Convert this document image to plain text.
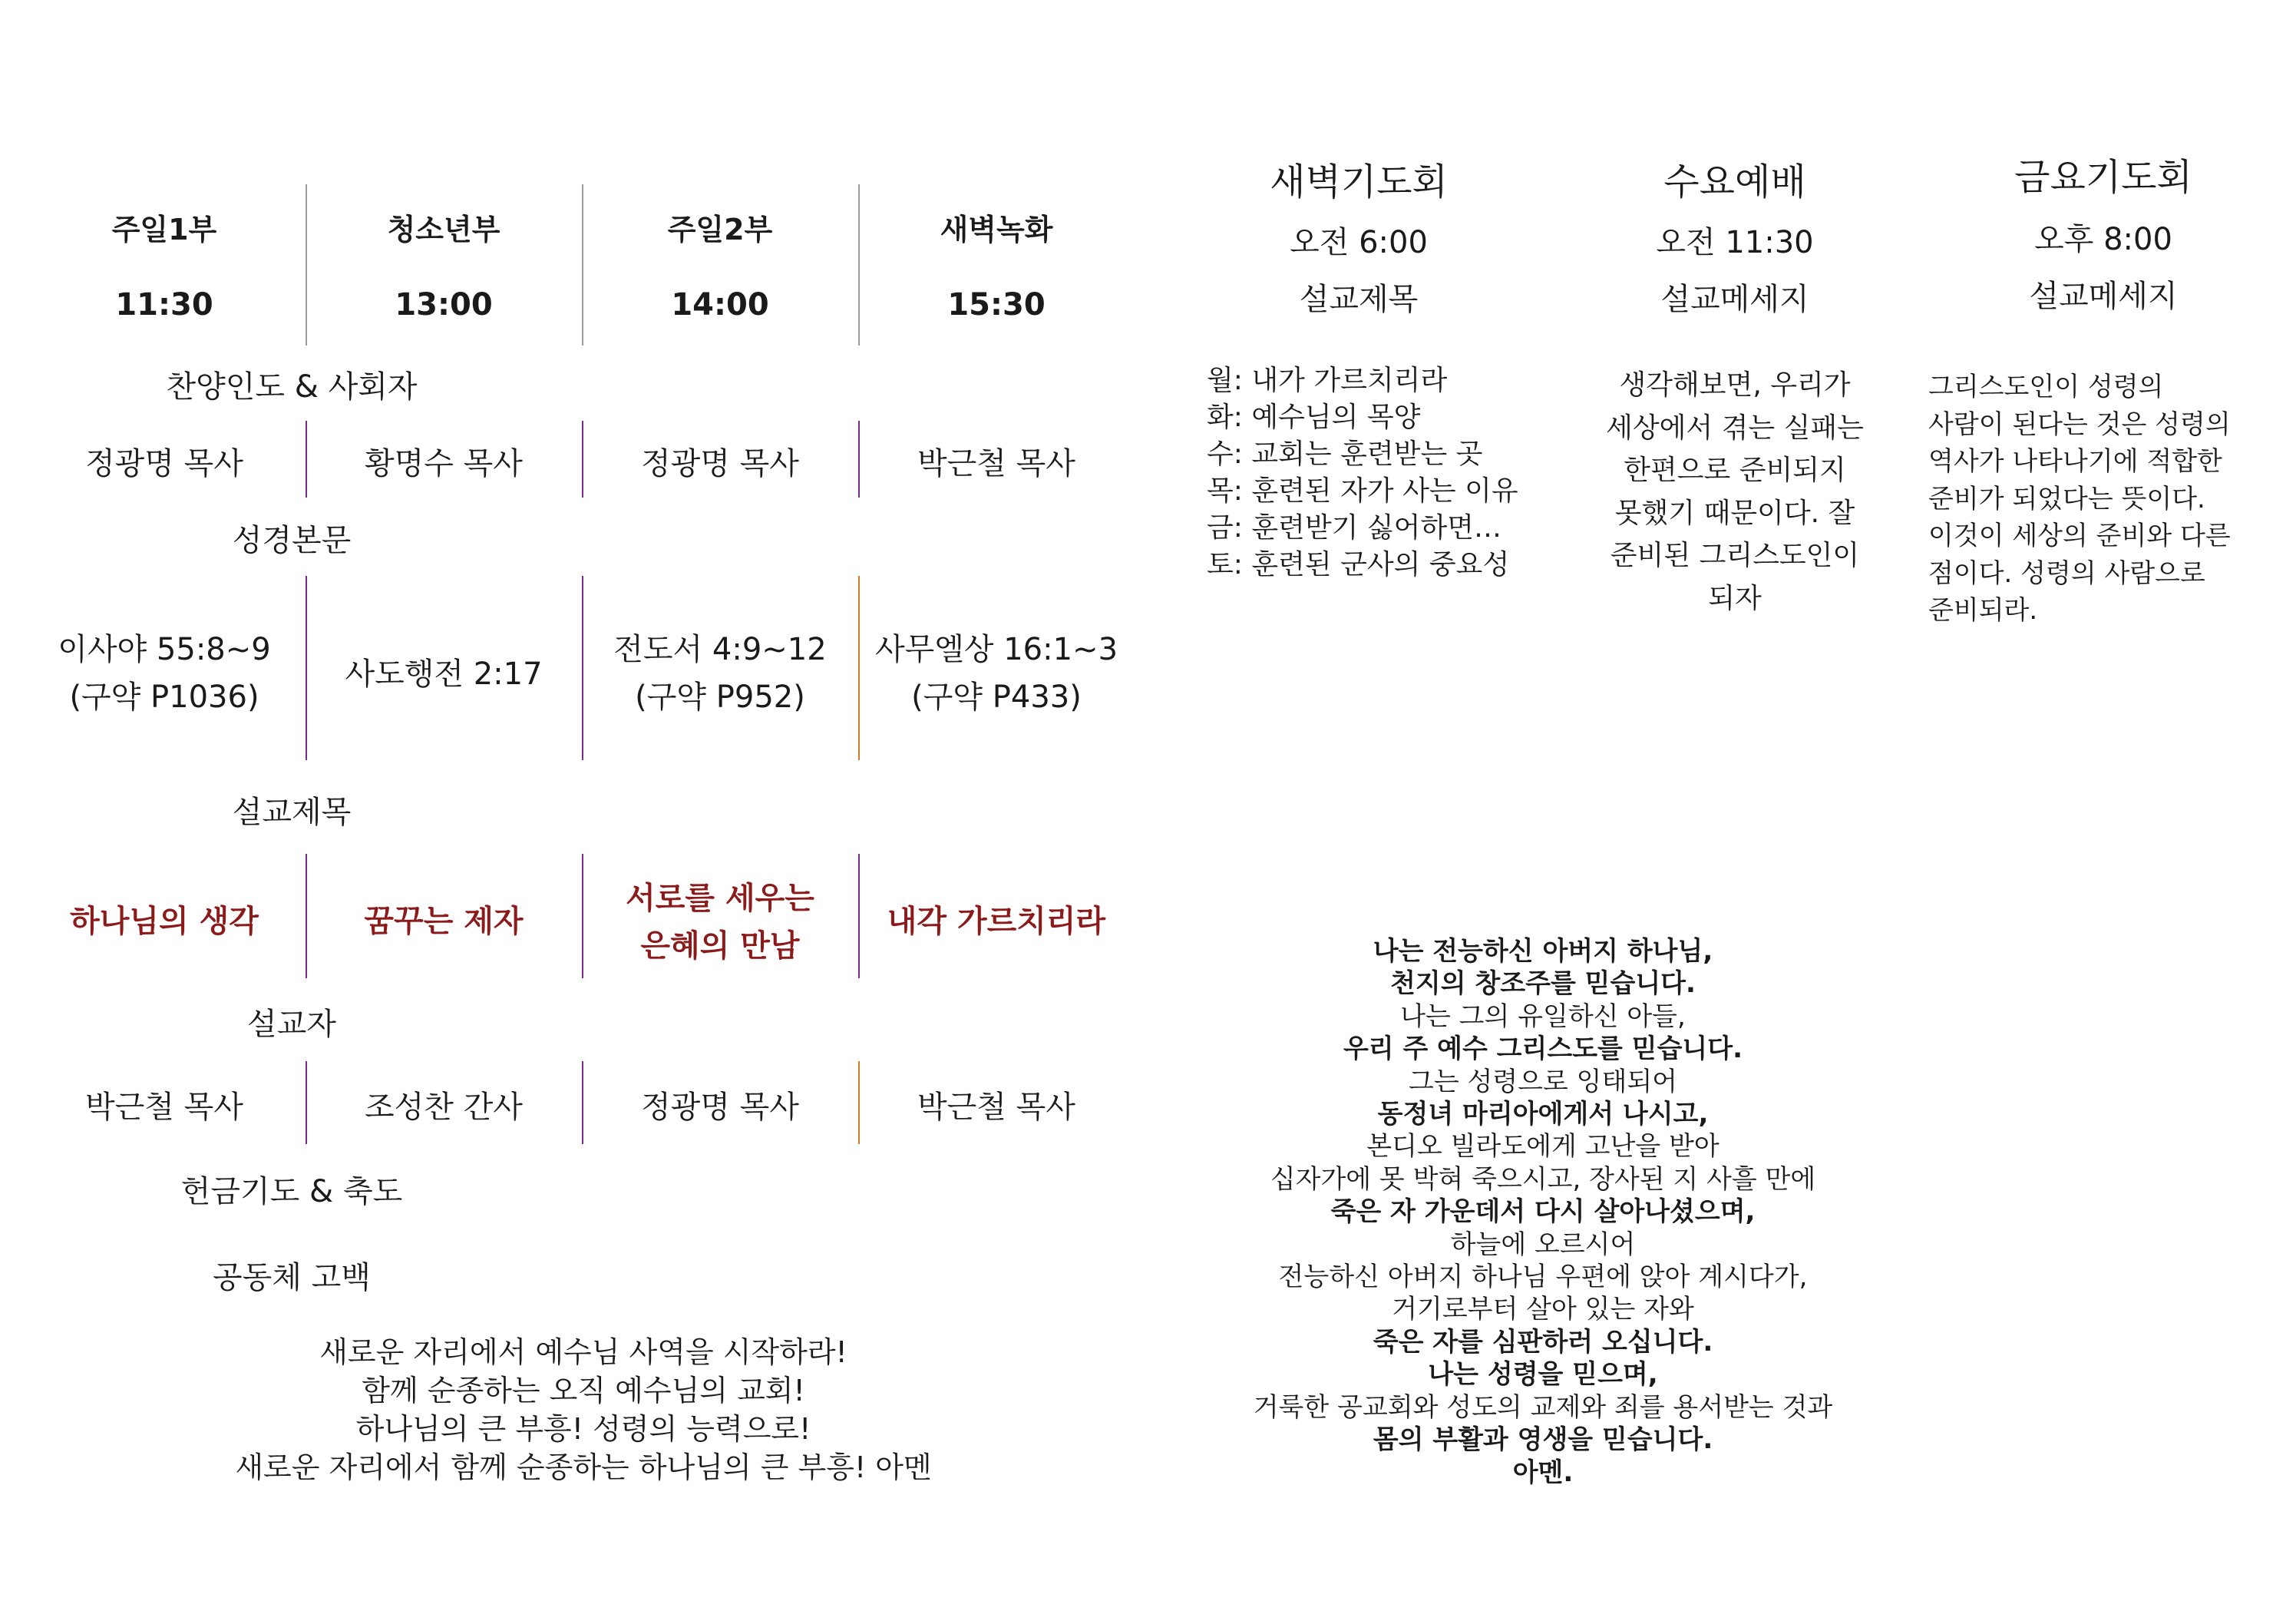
주일1부
11:30
정광명 목사
이사야 55:8~9
(구약 P1036)
하나님의 생각
박근철 목사
청소년부
13:00
황명수 목사
사도행전 2:17
꿈꾸는 제자
조성찬 간사
주일2부
14:00
정광명 목사
전도서 4:9~12
(구약 P952)
서로를 세우는
은혜의 만남
정광명 목사
새벽녹화
15:30
박근철 목사
사무엘상 16:1~3
(구약 P433)
내각 가르치리라
박근철 목사
찬양인도 & 사회자
성경본문
설교제목
설교자
헌금기도 & 축도
공동체 고백
새로운 자리에서 예수님 사역을 시작하라!
함께 순종하는 오직 예수님의 교회!
하나님의 큰 부흥! 성령의 능력으로!
새로운 자리에서 함께 순종하는 하나님의 큰 부흥! 아멘
새벽기도회
오전 6:00
설교제목
월: 내가 가르치리라
화: 예수님의 목양
수: 교회는 훈련받는 곳
목: 훈련된 자가 사는 이유
금: 훈련받기 싫어하면…
토: 훈련된 군사의 중요성
수요예배
오전 11:30
설교메세지
생각해보면, 우리가
세상에서 겪는 실패는
한편으로 준비되지
못했기 때문이다. 잘
준비된 그리스도인이
되자
금요기도회
오후 8:00
설교메세지
그리스도인이 성령의
사람이 된다는 것은 성령의
역사가 나타나기에 적합한
준비가 되었다는 뜻이다.
이것이 세상의 준비와 다른
점이다. 성령의 사람으로
준비되라.
나는 전능하신 아버지 하나님,
천지의 창조주를 믿습니다.
나는 그의 유일하신 아들,
우리 주 예수 그리스도를 믿습니다.
그는 성령으로 잉태되어
동정녀 마리아에게서 나시고,
본디오 빌라도에게 고난을 받아
십자가에 못 박혀 죽으시고, 장사된 지 사흘 만에
죽은 자 가운데서 다시 살아나셨으며,
하늘에 오르시어
전능하신 아버지 하나님 우편에 앉아 계시다가,
거기로부터 살아 있는 자와
죽은 자를 심판하러 오십니다.
나는 성령을 믿으며,
거룩한 공교회와 성도의 교제와 죄를 용서받는 것과
몸의 부활과 영생을 믿습니다.
아멘.
